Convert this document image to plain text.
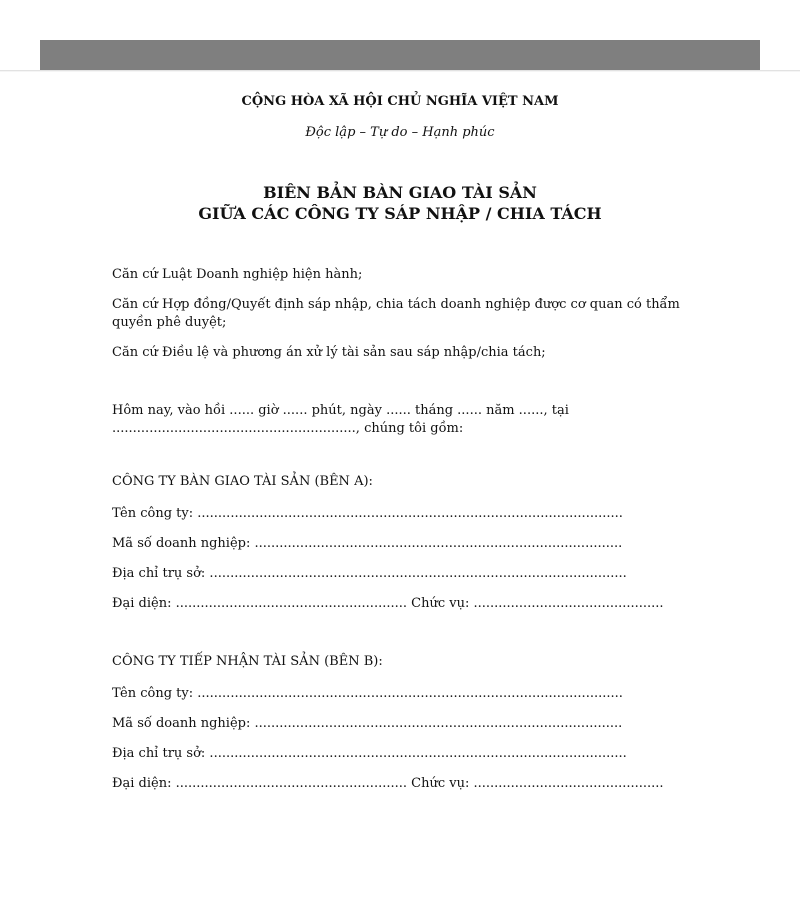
CỘNG HÒA XÃ HỘI CHỦ NGHĨA VIỆT NAM
Độc lập – Tự do – Hạnh phúc
BIÊN BẢN BÀN GIAO TÀI SẢN
GIỮA CÁC CÔNG TY SÁP NHẬP / CHIA TÁCH
Căn cứ Luật Doanh nghiệp hiện hành;
Căn cứ Hợp đồng/Quyết định sáp nhập, chia tách doanh nghiệp được cơ quan có thẩm quyền phê duyệt;
Căn cứ Điều lệ và phương án xử lý tài sản sau sáp nhập/chia tách;
Hôm nay, vào hồi ...... giờ ...... phút, ngày ...... tháng ...... năm ......, tại ..........................................................., chúng tôi gồm:
CÔNG TY BÀN GIAO TÀI SẢN (BÊN A):
Tên công ty: .......................................................................................................
Mã số doanh nghiệp: .........................................................................................
Địa chỉ trụ sở: .....................................................................................................
Đại diện: ........................................................ Chức vụ: ..............................................
CÔNG TY TIẾP NHẬN TÀI SẢN (BÊN B):
Tên công ty: .......................................................................................................
Mã số doanh nghiệp: .........................................................................................
Địa chỉ trụ sở: .....................................................................................................
Đại diện: ........................................................ Chức vụ: ..............................................
